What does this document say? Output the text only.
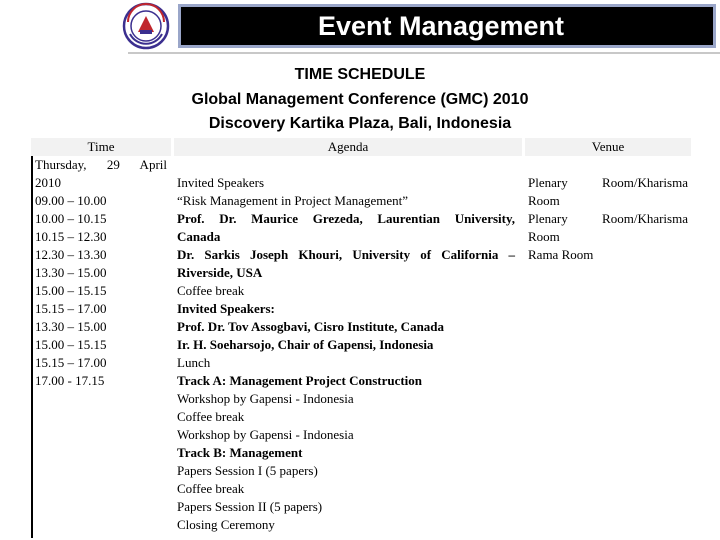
Event Management
TIME SCHEDULE
Global Management Conference (GMC) 2010
Discovery Kartika Plaza, Bali, Indonesia
Time	Agenda	Venue
Thursday, 29 April
2010
09.00 – 10.00
10.00 – 10.15
10.15 – 12.30
12.30 – 13.30
13.30 – 15.00
15.00 – 15.15
15.15 – 17.00
13.30 – 15.00
15.00 – 15.15
15.15 – 17.00
17.00 - 17.15
Invited Speakers
“Risk Management in Project Management”
Prof. Dr. Maurice Grezeda, Laurentian University,
Canada
Dr. Sarkis Joseph Khouri, University of California –
Riverside, USA
Coffee break
Invited Speakers:
Prof. Dr. Tov Assogbavi, Cisro Institute, Canada
Ir. H. Soeharsojo, Chair of Gapensi, Indonesia
Lunch
Track A: Management Project Construction
Workshop by Gapensi - Indonesia
Coffee break
Workshop by Gapensi - Indonesia
Track B: Management
Papers Session I (5 papers)
Coffee break
Papers Session II (5 papers)
Closing Ceremony
Plenary Room/Kharisma
Room
Plenary Room/Kharisma
Room
Rama Room
